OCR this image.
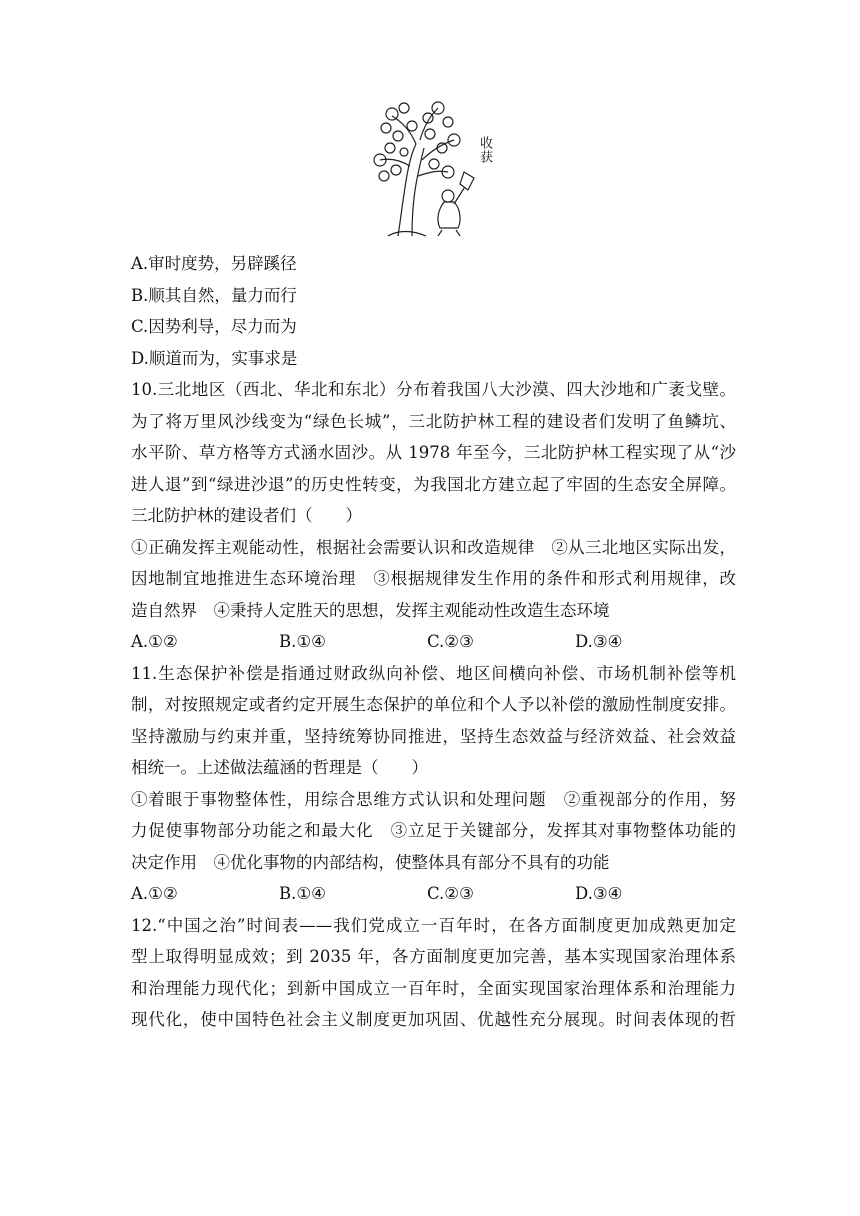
收获
A.审时度势，另辟蹊径
B.顺其自然，量力而行
C.因势利导，尽力而为
D.顺道而为，实事求是
10.三北地区（西北、华北和东北）分布着我国八大沙漠、四大沙地和广袤戈壁。
为了将万里风沙线变为“绿色长城”，三北防护林工程的建设者们发明了鱼鳞坑、
水平阶、草方格等方式涵水固沙。从 1978 年至今，三北防护林工程实现了从“沙
进人退”到“绿进沙退”的历史性转变，为我国北方建立起了牢固的生态安全屏障。
三北防护林的建设者们（　　）
①正确发挥主观能动性，根据社会需要认识和改造规律　②从三北地区实际出发，
因地制宜地推进生态环境治理　③根据规律发生作用的条件和形式利用规律，改
造自然界　④秉持人定胜天的思想，发挥主观能动性改造生态环境
A.①②	B.①④	C.②③	D.③④
11.生态保护补偿是指通过财政纵向补偿、地区间横向补偿、市场机制补偿等机
制，对按照规定或者约定开展生态保护的单位和个人予以补偿的激励性制度安排。
坚持激励与约束并重，坚持统筹协同推进，坚持生态效益与经济效益、社会效益
相统一。上述做法蕴涵的哲理是（　　）
①着眼于事物整体性，用综合思维方式认识和处理问题　②重视部分的作用，努
力促使事物部分功能之和最大化　③立足于关键部分，发挥其对事物整体功能的
决定作用　④优化事物的内部结构，使整体具有部分不具有的功能
A.①②	B.①④	C.②③	D.③④
12.“中国之治”时间表——我们党成立一百年时，在各方面制度更加成熟更加定
型上取得明显成效；到 2035 年，各方面制度更加完善，基本实现国家治理体系
和治理能力现代化；到新中国成立一百年时，全面实现国家治理体系和治理能力
现代化，使中国特色社会主义制度更加巩固、优越性充分展现。时间表体现的哲
